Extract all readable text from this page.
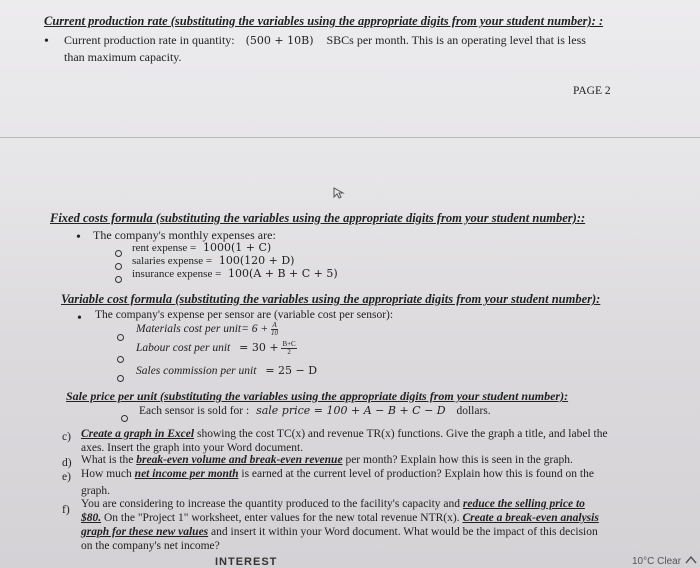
Current production rate (substituting the variables using the appropriate digits from your student number): :
• Current production rate in quantity: (500 + 10B) SBCs per month. This is an operating level that is less
than maximum capacity.
PAGE 2
Fixed costs formula (substituting the variables using the appropriate digits from your student number)::
• The company's monthly expenses are:
rent expense = 1000(1 + C)
salaries expense = 100(120 + D)
insurance expense = 100(A + B + C + 5)
Variable cost formula (substituting the variables using the appropriate digits from your student number):
• The company's expense per sensor are (variable cost per sensor):
Materials cost per unit= $6 + \frac{A}{10}$
Labour cost per unit = $30 + \frac{B+C}{2}$
Sales commission per unit = 25 − D
Sale price per unit (substituting the variables using the appropriate digits from your student number):
Each sensor is sold for : sale price = 100 + A − B + C − D dollars.
c) Create a graph in Excel showing the cost TC(x) and revenue TR(x) functions. Give the graph a title, and label the
axes. Insert the graph into your Word document.
d) What is the break-even volume and break-even revenue per month? Explain how this is seen in the graph.
e) How much net income per month is earned at the current level of production? Explain how this is found on the
graph.
f) You are considering to increase the quantity produced to the facility's capacity and reduce the selling price to
$80. On the "Project 1" worksheet, enter values for the new total revenue NTR(x). Create a break-even analysis
graph for these new values and insert it within your Word document. What would be the impact of this decision
on the company's net income?
INTEREST	10°C Clear
